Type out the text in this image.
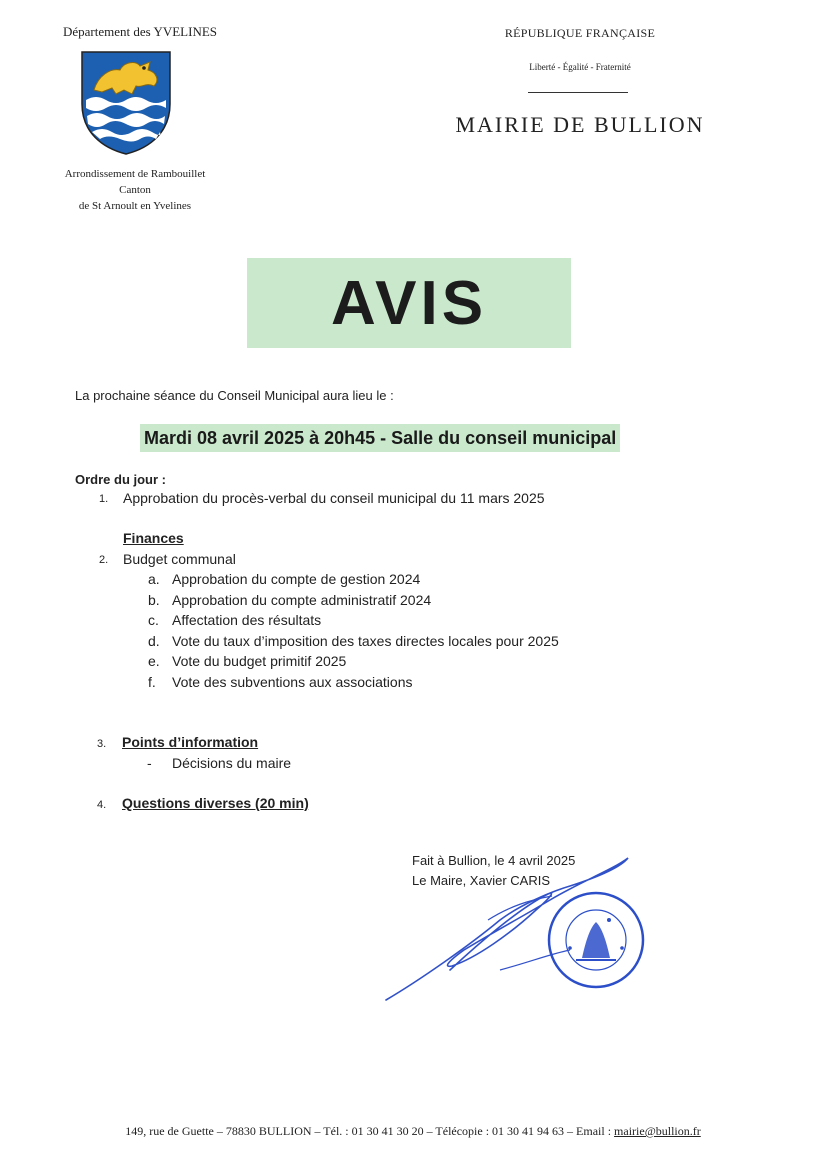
Département des YVELINES
Arrondissement de Rambouillet
Canton
de St Arnoult en Yvelines
RÉPUBLIQUE FRANÇAISE
Liberté - Égalité - Fraternité
MAIRIE DE BULLION
AVIS
La prochaine séance du Conseil Municipal aura lieu le :
Mardi 08 avril 2025 à 20h45 - Salle du conseil municipal
Ordre du jour :
1. Approbation du procès-verbal du conseil municipal du 11 mars 2025
Finances
2. Budget communal
a. Approbation du compte de gestion 2024
b. Approbation du compte administratif 2024
c. Affectation des résultats
d. Vote du taux d’imposition des taxes directes locales pour 2025
e. Vote du budget primitif 2025
f. Vote des subventions aux associations
3. Points d’information
- Décisions du maire
4. Questions diverses (20 min)
Fait à Bullion, le 4 avril 2025
Le Maire, Xavier CARIS
149, rue de Guette – 78830 BULLION – Tél. : 01 30 41 30 20 – Télécopie : 01 30 41 94 63 – Email : mairie@bullion.fr
